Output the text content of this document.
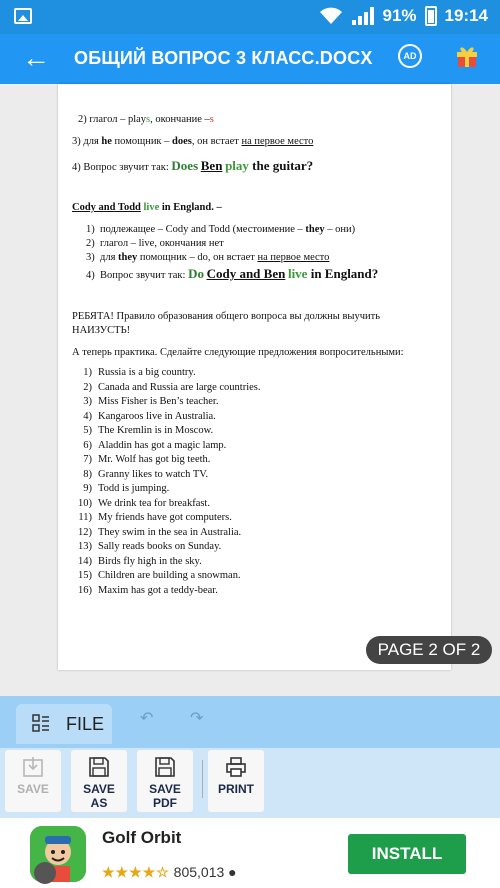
91% 19:14
← ОБЩИЙ ВОПРОС 3 КЛАСС.DOCX	AD
2) глагол – plays, окончание –s
3) для he помощник – does, он встает на первое место
4) Вопрос звучит так: Does Ben play the guitar?
Cody and Todd live in England. –
1) подлежащее – Cody and Todd (местоимение – they – они)
2) глагол – live, окончания нет
3) для they помощник – do, он встает на первое место
4) Вопрос звучит так: Do Cody and Ben live in England?
РЕБЯТА! Правило образования общего вопроса вы должны выучить НАИЗУСТЬ!
А теперь практика. Сделайте следующие предложения вопросительными:
1) Russia is a big country.
2) Canada and Russia are large countries.
3) Miss Fisher is Ben’s teacher.
4) Kangaroos live in Australia.
5) The Kremlin is in Moscow.
6) Aladdin has got a magic lamp.
7) Mr. Wolf has got big teeth.
8) Granny likes to watch TV.
9) Todd is jumping.
10) We drink tea for breakfast.
11) My friends have got computers.
12) They swim in the sea in Australia.
13) Sally reads books on Sunday.
14) Birds fly high in the sky.
15) Children are building a snowman.
16) Maxim has got a teddy-bear.
PAGE 2 OF 2
FILE ↶ ↷
SAVE	SAVE
AS
SAVE
PDF
PRINT
Golf Orbit
★★★★☆ 805,013 ●
INSTALL
